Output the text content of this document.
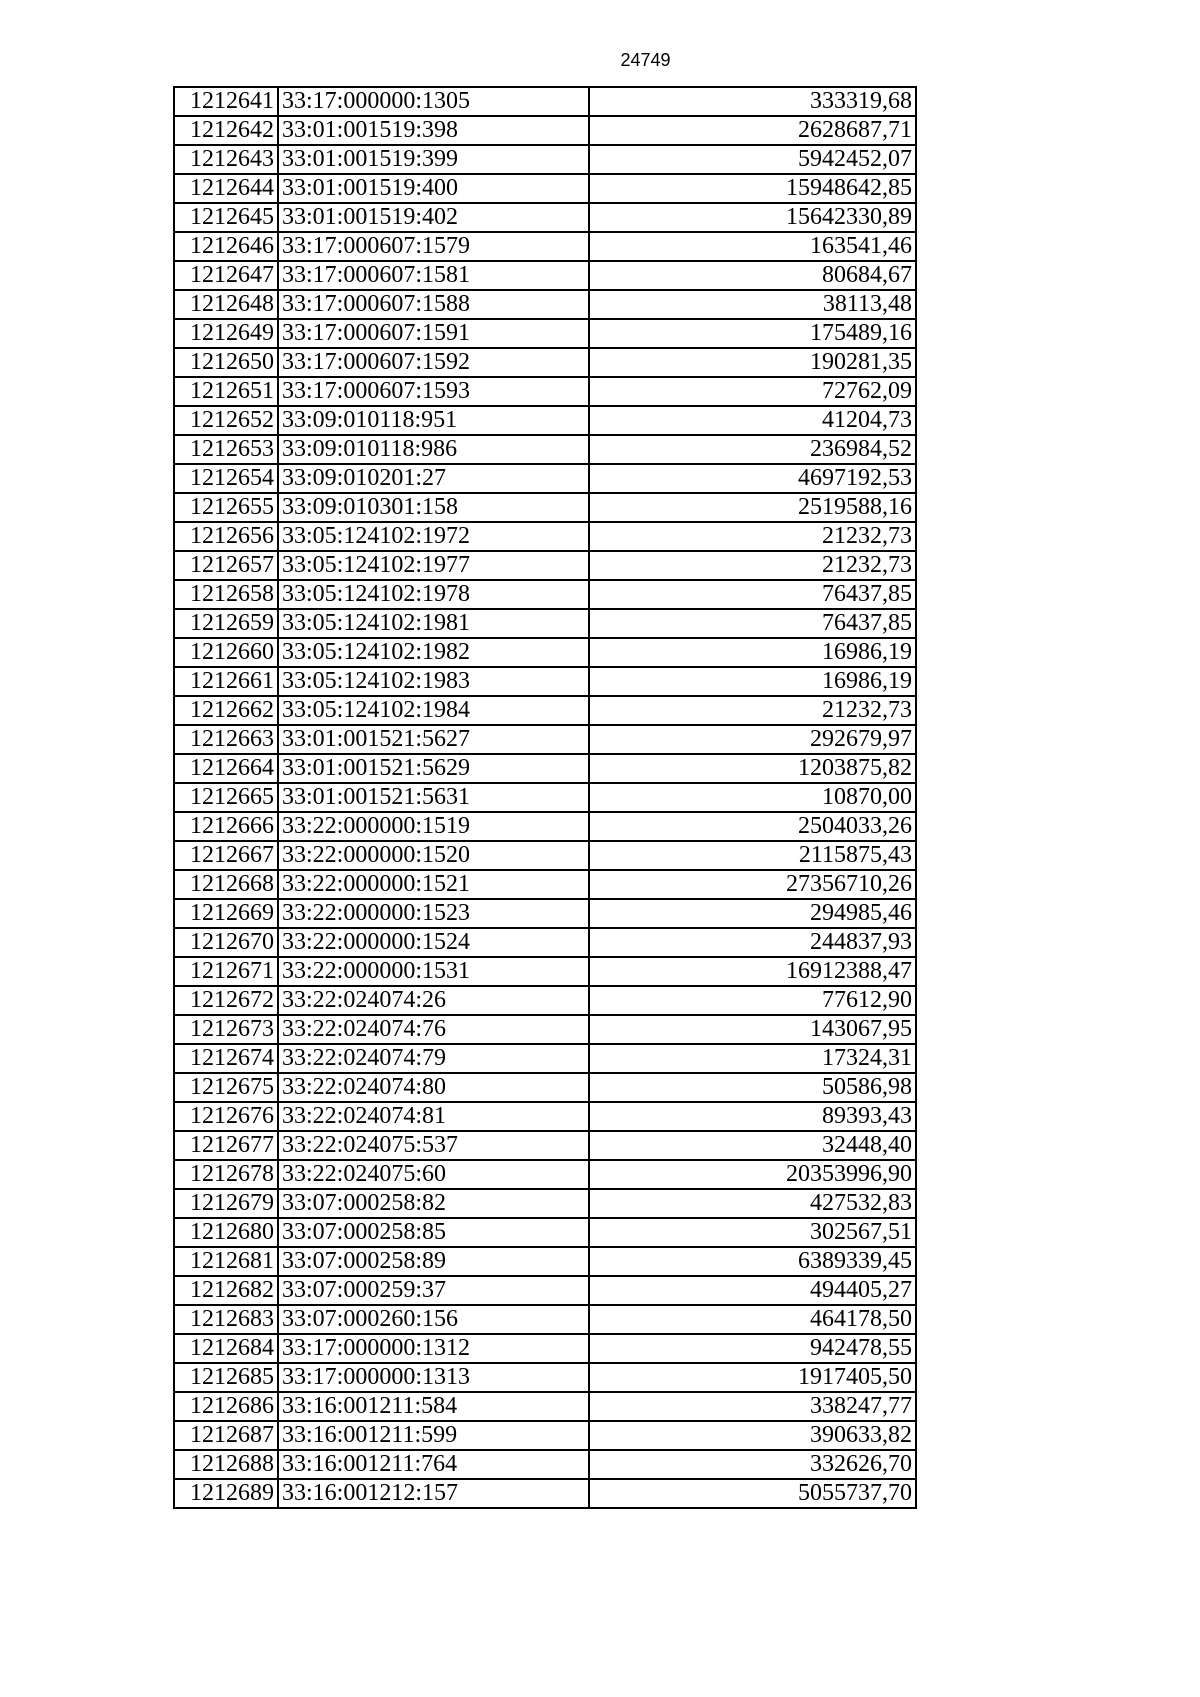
24749
1212641	33:17:000000:1305	333319,68
1212642	33:01:001519:398	2628687,71
1212643	33:01:001519:399	5942452,07
1212644	33:01:001519:400	15948642,85
1212645	33:01:001519:402	15642330,89
1212646	33:17:000607:1579	163541,46
1212647	33:17:000607:1581	80684,67
1212648	33:17:000607:1588	38113,48
1212649	33:17:000607:1591	175489,16
1212650	33:17:000607:1592	190281,35
1212651	33:17:000607:1593	72762,09
1212652	33:09:010118:951	41204,73
1212653	33:09:010118:986	236984,52
1212654	33:09:010201:27	4697192,53
1212655	33:09:010301:158	2519588,16
1212656	33:05:124102:1972	21232,73
1212657	33:05:124102:1977	21232,73
1212658	33:05:124102:1978	76437,85
1212659	33:05:124102:1981	76437,85
1212660	33:05:124102:1982	16986,19
1212661	33:05:124102:1983	16986,19
1212662	33:05:124102:1984	21232,73
1212663	33:01:001521:5627	292679,97
1212664	33:01:001521:5629	1203875,82
1212665	33:01:001521:5631	10870,00
1212666	33:22:000000:1519	2504033,26
1212667	33:22:000000:1520	2115875,43
1212668	33:22:000000:1521	27356710,26
1212669	33:22:000000:1523	294985,46
1212670	33:22:000000:1524	244837,93
1212671	33:22:000000:1531	16912388,47
1212672	33:22:024074:26	77612,90
1212673	33:22:024074:76	143067,95
1212674	33:22:024074:79	17324,31
1212675	33:22:024074:80	50586,98
1212676	33:22:024074:81	89393,43
1212677	33:22:024075:537	32448,40
1212678	33:22:024075:60	20353996,90
1212679	33:07:000258:82	427532,83
1212680	33:07:000258:85	302567,51
1212681	33:07:000258:89	6389339,45
1212682	33:07:000259:37	494405,27
1212683	33:07:000260:156	464178,50
1212684	33:17:000000:1312	942478,55
1212685	33:17:000000:1313	1917405,50
1212686	33:16:001211:584	338247,77
1212687	33:16:001211:599	390633,82
1212688	33:16:001211:764	332626,70
1212689	33:16:001212:157	5055737,70
